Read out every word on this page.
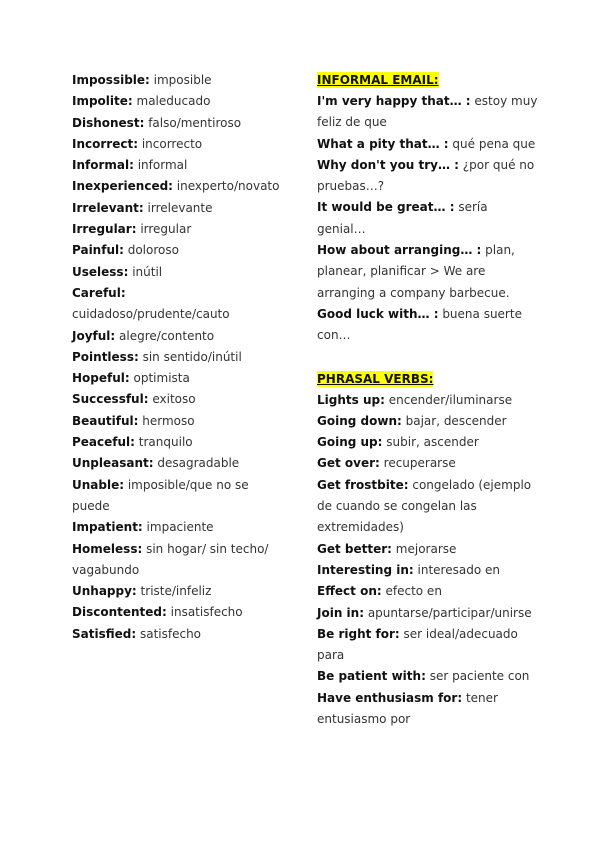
Impossible: imposible
Impolite: maleducado
Dishonest: falso/mentiroso
Incorrect: incorrecto
Informal: informal
Inexperienced: inexperto/novato
Irrelevant: irrelevante
Irregular: irregular
Painful: doloroso
Useless: inútil
Careful: cuidadoso/prudente/cauto
Joyful: alegre/contento
Pointless: sin sentido/inútil
Hopeful: optimista
Successful: exitoso
Beautiful: hermoso
Peaceful: tranquilo
Unpleasant: desagradable
Unable: imposible/que no se puede
Impatient: impaciente
Homeless: sin hogar/ sin techo/ vagabundo
Unhappy: triste/infeliz
Discontented: insatisfecho
Satisfied: satisfecho
INFORMAL EMAIL:
I'm very happy that… : estoy muy feliz de que
What a pity that… : qué pena que
Why don't you try… : ¿por qué no pruebas…?
It would be great… : sería genial…
How about arranging… : plan, planear, planificar > We are arranging a company barbecue.
Good luck with… : buena suerte con…
PHRASAL VERBS:
Lights up: encender/iluminarse
Going down: bajar, descender
Going up: subir, ascender
Get over: recuperarse
Get frostbite: congelado (ejemplo de cuando se congelan las extremidades)
Get better: mejorarse
Interesting in: interesado en
Effect on: efecto en
Join in: apuntarse/participar/unirse
Be right for: ser ideal/adecuado para
Be patient with: ser paciente con
Have enthusiasm for: tener entusiasmo por
